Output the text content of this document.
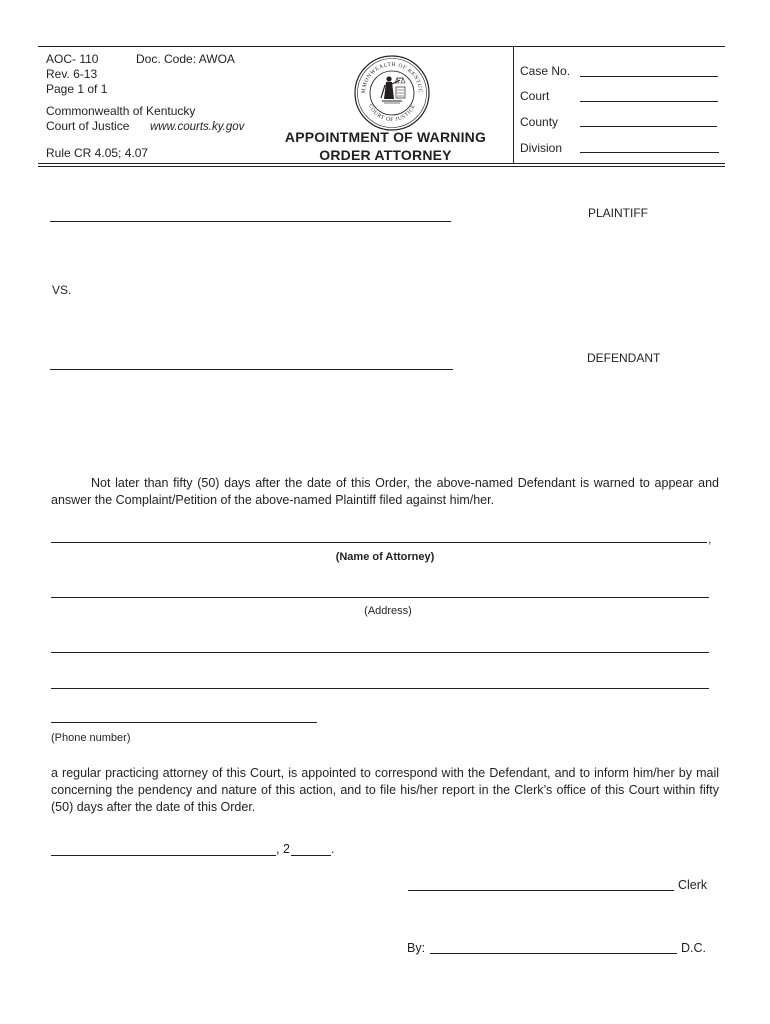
AOC- 110	Doc. Code: AWOA
Rev. 6-13
Page 1 of 1
Commonwealth of Kentucky
Court of Justice www.courts.ky.gov
Rule CR 4.05; 4.07
MMONWEALTH OF KENTUC
COURT OF JUSTICE
APPOINTMENT OF WARNING
ORDER ATTORNEY
Case No.
Court
County
Division
PLAINTIFF
VS.
DEFENDANT
Not later than fifty (50) days after the date of this Order, the above-named Defendant is warned to appear and answer the Complaint/Petition of the above-named Plaintiff filed against him/her.
,
(Name of Attorney)
(Address)
(Phone number)
a regular practicing attorney of this Court, is appointed to correspond with the Defendant, and to inform him/her by mail concerning the pendency and nature of this action, and to file his/her report in the Clerk’s office of this Court within fifty (50) days after the date of this Order.
, 2	.
Clerk
By:	D.C.
